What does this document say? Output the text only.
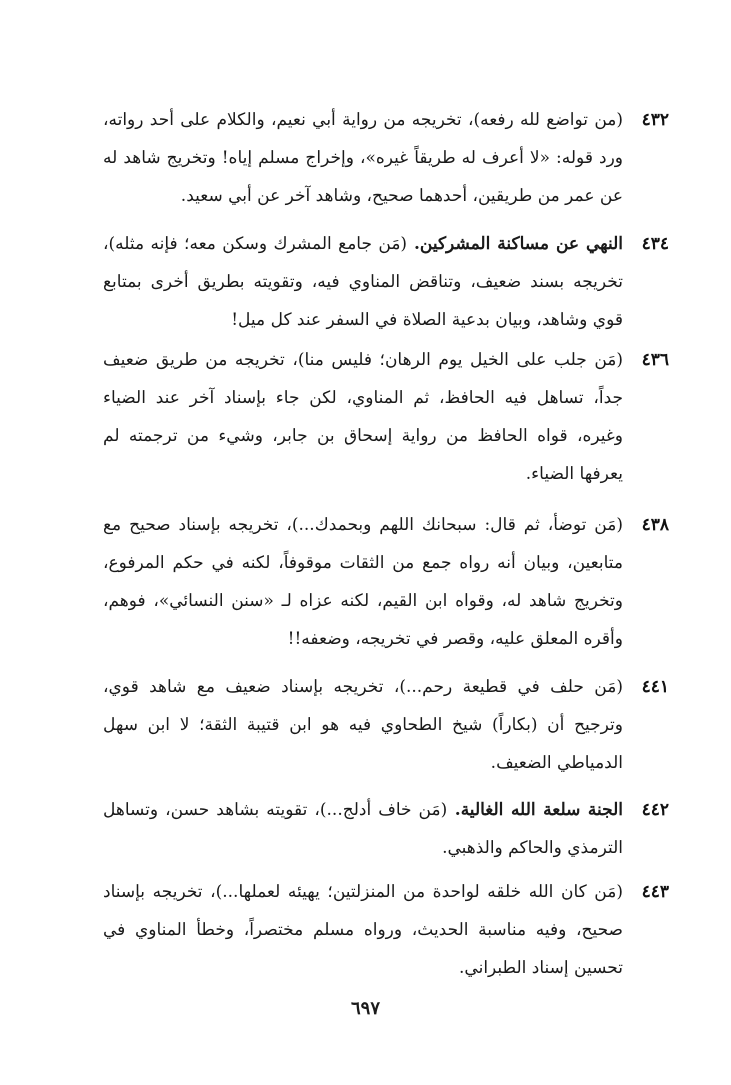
٤٣٢
(من تواضع لله رفعه)، تخريجه من رواية أبي نعيم، والكلام على أحد رواته، ورد قوله: «لا أعرف له طريقاً غيره»، وإخراج مسلم إياه! وتخريج شاهد له عن عمر من طريقين، أحدهما صحيح، وشاهد آخر عن أبي سعيد.
٤٣٤
النهي عن مساكنة المشركين. (مَن جامع المشرك وسكن معه؛ فإنه مثله)، تخريجه بسند ضعيف، وتناقض المناوي فيه، وتقويته بطريق أخرى بمتابع قوي وشاهد، وبيان بدعية الصلاة في السفر عند كل ميل!
٤٣٦
(مَن جلب على الخيل يوم الرهان؛ فليس منا)، تخريجه من طريق ضعيف جداً، تساهل فيه الحافظ، ثم المناوي، لكن جاء بإسناد آخر عند الضياء وغيره، قواه الحافظ من رواية إسحاق بن جابر، وشيء من ترجمته لم يعرفها الضياء.
٤٣٨
(مَن توضأ، ثم قال: سبحانك اللهم وبحمدك...)، تخريجه بإسناد صحيح مع متابعين، وبيان أنه رواه جمع من الثقات موقوفاً، لكنه في حكم المرفوع، وتخريج شاهد له، وقواه ابن القيم، لكنه عزاه لـ «سنن النسائي»، فوهم، وأقره المعلق عليه، وقصر في تخريجه، وضعفه!!
٤٤١
(مَن حلف في قطيعة رحم...)، تخريجه بإسناد ضعيف مع شاهد قوي، وترجيح أن (بكاراً) شيخ الطحاوي فيه هو ابن قتيبة الثقة؛ لا ابن سهل الدمياطي الضعيف.
٤٤٢
الجنة سلعة الله الغالية. (مَن خاف أدلج...)، تقويته بشاهد حسن، وتساهل الترمذي والحاكم والذهبي.
٤٤٣
(مَن كان الله خلقه لواحدة من المنزلتين؛ يهيئه لعملها...)، تخريجه بإسناد صحيح، وفيه مناسبة الحديث، ورواه مسلم مختصراً، وخطأ المناوي في تحسين إسناد الطبراني.
٦٩٧
